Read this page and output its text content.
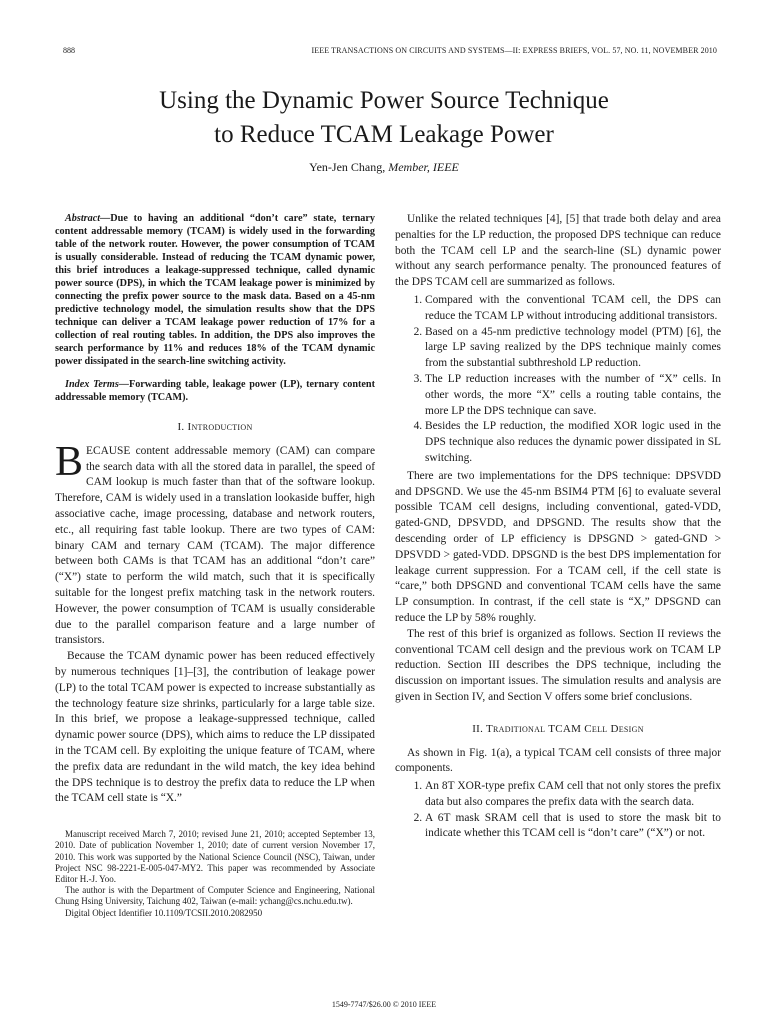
888	IEEE TRANSACTIONS ON CIRCUITS AND SYSTEMS—II: EXPRESS BRIEFS, VOL. 57, NO. 11, NOVEMBER 2010
Using the Dynamic Power Source Technique
to Reduce TCAM Leakage Power
Yen-Jen Chang, Member, IEEE

Abstract—Due to having an additional “don’t care” state, ternary content addressable memory (TCAM) is widely used in the forwarding table of the network router. However, the power consumption of TCAM is usually considerable. Instead of reducing the TCAM dynamic power, this brief introduces a leakage-suppressed technique, called dynamic power source (DPS), in which the TCAM leakage power is minimized by connecting the prefix power source to the mask data. Based on a 45-nm predictive technology model, the simulation results show that the DPS technique can deliver a TCAM leakage power reduction of 17% for a collection of real routing tables. In addition, the DPS also improves the search performance by 11% and reduces 18% of the TCAM dynamic power dissipated in the search-line switching activity.

Index Terms—Forwarding table, leakage power (LP), ternary content addressable memory (TCAM).

I. Introduction

BECAUSE content addressable memory (CAM) can compare the search data with all the stored data in parallel, the speed of CAM lookup is much faster than that of the software lookup. Therefore, CAM is widely used in a translation lookaside buffer, high associative cache, image processing, database and network routers, etc., all requiring fast table lookup. There are two types of CAM: binary CAM and ternary CAM (TCAM). The major difference between both CAMs is that TCAM has an additional “don’t care” (“X”) state to perform the wild match, such that it is specifically suitable for the longest prefix matching task in the network routers. However, the power consumption of TCAM is usually considerable due to the parallel comparison feature and a large number of transistors.

Because the TCAM dynamic power has been reduced effectively by numerous techniques [1]–[3], the contribution of leakage power (LP) to the total TCAM power is expected to increase substantially as the technology feature size shrinks, particularly for a large table size. In this brief, we propose a leakage-suppressed technique, called dynamic power source (DPS), which aims to reduce the LP dissipated in the TCAM cell. By exploiting the unique feature of TCAM, where the prefix data are redundant in the wild match, the key idea behind the DPS technique is to destroy the prefix data to reduce the LP when the TCAM cell state is “X.”

Manuscript received March 7, 2010; revised June 21, 2010; accepted September 13, 2010. Date of publication November 1, 2010; date of current version November 17, 2010. This work was supported by the National Science Council (NSC), Taiwan, under Project NSC 98-2221-E-005-047-MY2. This paper was recommended by Associate Editor H.-J. Yoo.

The author is with the Department of Computer Science and Engineering, National Chung Hsing University, Taichung 402, Taiwan (e-mail: ychang@cs.nchu.edu.tw).

Digital Object Identifier 10.1109/TCSII.2010.2082950

Unlike the related techniques [4], [5] that trade both delay and area penalties for the LP reduction, the proposed DPS technique can reduce both the TCAM cell LP and the search-line (SL) dynamic power without any search performance penalty. The pronounced features of the DPS TCAM cell are summarized as follows.

1. Compared with the conventional TCAM cell, the DPS can reduce the TCAM LP without introducing additional transistors.
2. Based on a 45-nm predictive technology model (PTM) [6], the large LP saving realized by the DPS technique mainly comes from the substantial subthreshold LP reduction.
3. The LP reduction increases with the number of “X” cells. In other words, the more “X” cells a routing table contains, the more LP the DPS technique can save.
4. Besides the LP reduction, the modified XOR logic used in the DPS technique also reduces the dynamic power dissipated in SL switching.

There are two implementations for the DPS technique: DPSVDD and DPSGND. We use the 45-nm BSIM4 PTM [6] to evaluate several possible TCAM cell designs, including conventional, gated-VDD, gated-GND, DPSVDD, and DPSGND. The results show that the descending order of LP efficiency is DPSGND > gated-GND > DPSVDD > gated-VDD. DPSGND is the best DPS implementation for leakage current suppression. For a TCAM cell, if the cell state is “care,” both DPSGND and conventional TCAM cells have the same LP consumption. In contrast, if the cell state is “X,” DPSGND can reduce the LP by 58% roughly.

The rest of this brief is organized as follows. Section II reviews the conventional TCAM cell design and the previous work on TCAM LP reduction. Section III describes the DPS technique, including the discussion on important issues. The simulation results and analysis are given in Section IV, and Section V offers some brief conclusions.

II. Traditional TCAM Cell Design

As shown in Fig. 1(a), a typical TCAM cell consists of three major components.

1. An 8T XOR-type prefix CAM cell that not only stores the prefix data but also compares the prefix data with the search data.
2. A 6T mask SRAM cell that is used to store the mask bit to indicate whether this TCAM cell is “don’t care” (“X”) or not.
1549-7747/$26.00 © 2010 IEEE
